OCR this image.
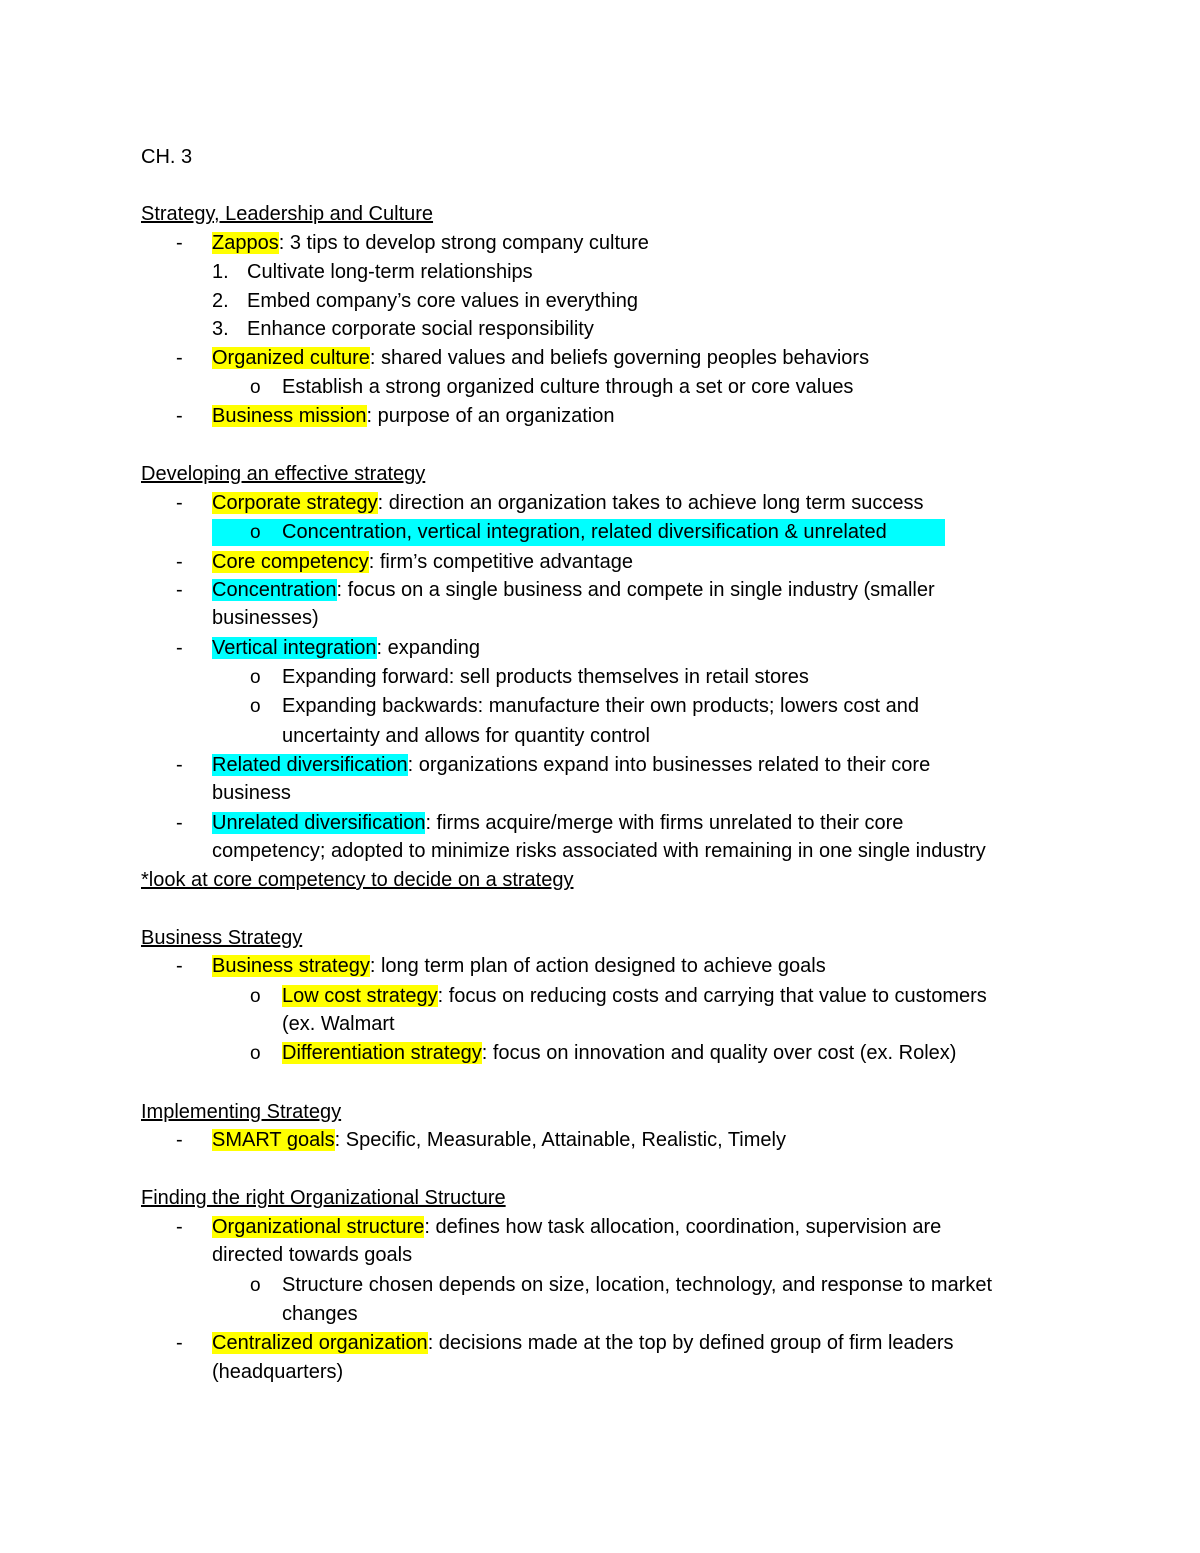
CH. 3
Strategy, Leadership and Culture
- Zappos: 3 tips to develop strong company culture
1. Cultivate long-term relationships
2. Embed company’s core values in everything
3. Enhance corporate social responsibility
- Organized culture: shared values and beliefs governing peoples behaviors
o Establish a strong organized culture through a set or core values
- Business mission: purpose of an organization
Developing an effective strategy
- Corporate strategy: direction an organization takes to achieve long term success
o Concentration, vertical integration, related diversification & unrelated
- Core competency: firm’s competitive advantage
- Concentration: focus on a single business and compete in single industry (smaller
businesses)
- Vertical integration: expanding
o Expanding forward: sell products themselves in retail stores
o Expanding backwards: manufacture their own products; lowers cost and
uncertainty and allows for quantity control
- Related diversification: organizations expand into businesses related to their core
business
- Unrelated diversification: firms acquire/merge with firms unrelated to their core
competency; adopted to minimize risks associated with remaining in one single industry
*look at core competency to decide on a strategy
Business Strategy
- Business strategy: long term plan of action designed to achieve goals
o Low cost strategy: focus on reducing costs and carrying that value to customers
(ex. Walmart
o Differentiation strategy: focus on innovation and quality over cost (ex. Rolex)
Implementing Strategy
- SMART goals: Specific, Measurable, Attainable, Realistic, Timely
Finding the right Organizational Structure
- Organizational structure: defines how task allocation, coordination, supervision are
directed towards goals
o Structure chosen depends on size, location, technology, and response to market
changes
- Centralized organization: decisions made at the top by defined group of firm leaders
(headquarters)
